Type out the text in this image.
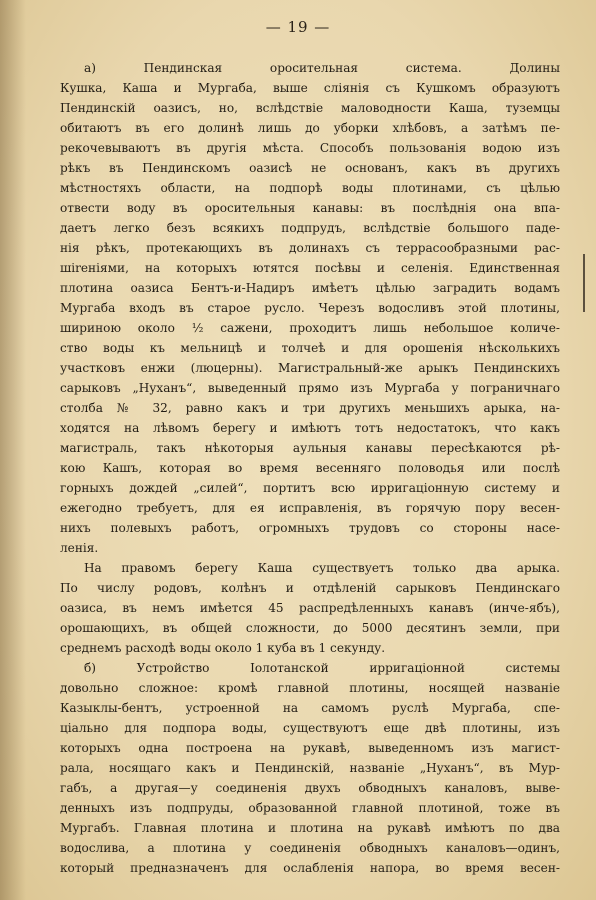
— 19 —
а) Пендинская оросительная система. Долины
Кушка, Каша и Мургаба, выше сліянія съ Кушкомъ образуютъ
Пендинскій оазисъ, но, вслѣдствіе маловодности Каша, туземцы
обитаютъ въ его долинѣ лишь до уборки хлѣбовъ, а затѣмъ пе-
рекочевываютъ въ другія мѣста. Способъ пользованія водою изъ
рѣкъ въ Пендинскомъ оазисѣ не основанъ, какъ въ другихъ
мѣстностяхъ области, на подпорѣ воды плотинами, съ цѣлью
отвести воду въ оросительныя канавы: въ послѣднія она впа-
даетъ легко безъ всякихъ подпрудъ, вслѣдствіе большого паде-
нія рѣкъ, протекающихъ въ долинахъ съ террасообразными рас-
шireніями, на которыхъ ютятся посѣвы и селенія. Единственная
плотина оазиса Бентъ-и-Надиръ имѣетъ цѣлью заградить водамъ
Мургаба входъ въ старое русло. Черезъ водосливъ этой плотины,
шириною около ½ сажени, проходитъ лишь небольшое количе-
ство воды къ мельницѣ и толчеѣ и для орошенія нѣсколькихъ
участковъ енжи (люцерны). Магистральный-же арыкъ Пендинскихъ
сарыковъ „Нуханъ“, выведенный прямо изъ Мургаба у пограничнаго
столба № 32, равно какъ и три другихъ меньшихъ арыка, на-
ходятся на лѣвомъ берегу и имѣютъ тотъ недостатокъ, что какъ
магистраль, такъ нѣкоторыя аульныя канавы пересѣкаются рѣ-
кою Кашъ, которая во время весенняго половодья или послѣ
горныхъ дождей „силей“, портитъ всю ирригаціонную систему и
ежегодно требуетъ, для ея исправленія, въ горячую пору весен-
нихъ полевыхъ работъ, огромныхъ трудовъ со стороны насе-
ленія.
На правомъ берегу Каша существуетъ только два арыка.
По числу родовъ, колѣнъ и отдѣленій сарыковъ Пендинскаго
оазиса, въ немъ имѣется 45 распредѣленныхъ канавъ (инче-ябъ),
орошающихъ, въ общей сложности, до 5000 десятинъ земли, при
среднемъ расходѣ воды около 1 куба въ 1 секунду.
б) Устройство Іолотанской ирригаціонной системы
довольно сложное: кромѣ главной плотины, носящей названіе
Казыклы-бентъ, устроенной на самомъ руслѣ Мургаба, спе-
ціально для подпора воды, существуютъ еще двѣ плотины, изъ
которыхъ одна построена на рукавѣ, выведенномъ изъ магист-
рала, носящаго какъ и Пендинскій, названіе „Нуханъ“, въ Мур-
габъ, а другая—у соединенія двухъ обводныхъ каналовъ, выве-
денныхъ изъ подпруды, образованной главной плотиной, тоже въ
Мургабъ. Главная плотина и плотина на рукавѣ имѣютъ по два
водослива, а плотина у соединенія обводныхъ каналовъ—одинъ,
который предназначенъ для ослабленія напора, во время весен-
